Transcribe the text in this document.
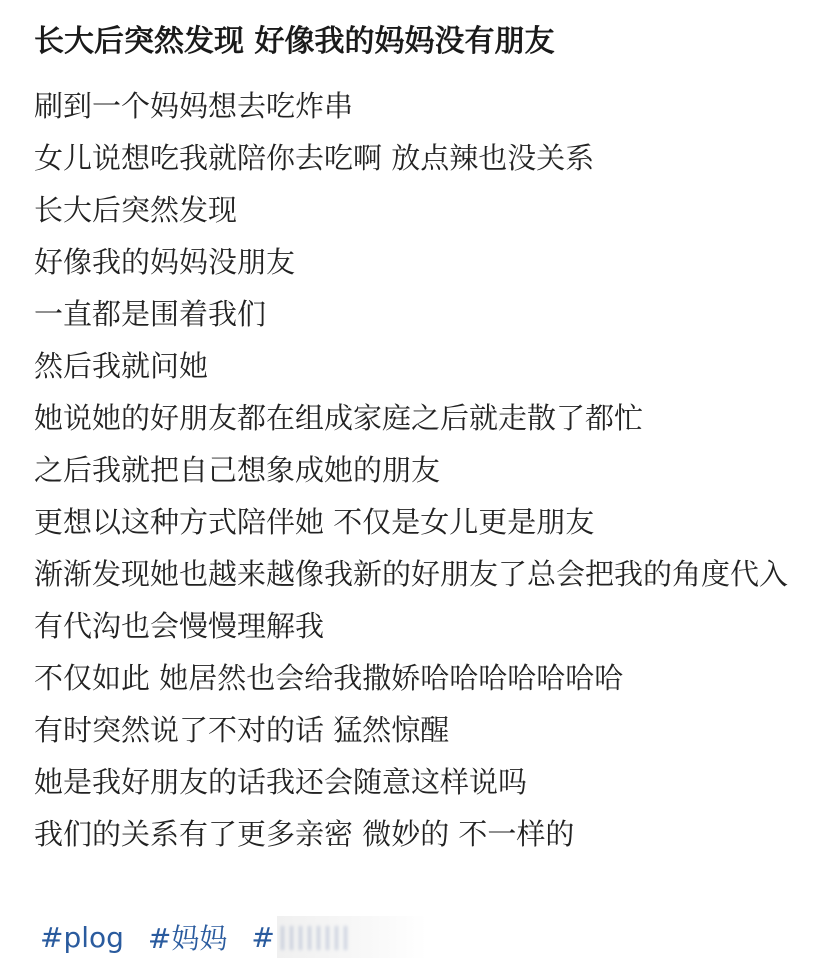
长大后突然发现 好像我的妈妈没有朋友
刷到一个妈妈想去吃炸串
女儿说想吃我就陪你去吃啊 放点辣也没关系
长大后突然发现
好像我的妈妈没朋友
一直都是围着我们
然后我就问她
她说她的好朋友都在组成家庭之后就走散了都忙
之后我就把自己想象成她的朋友
更想以这种方式陪伴她 不仅是女儿更是朋友
渐渐发现她也越来越像我新的好朋友了总会把我的角度代入
有代沟也会慢慢理解我
不仅如此 她居然也会给我撒娇哈哈哈哈哈哈哈
有时突然说了不对的话 猛然惊醒
她是我好朋友的话我还会随意这样说吗
我们的关系有了更多亲密 微妙的 不一样的
#plog #妈妈 #
